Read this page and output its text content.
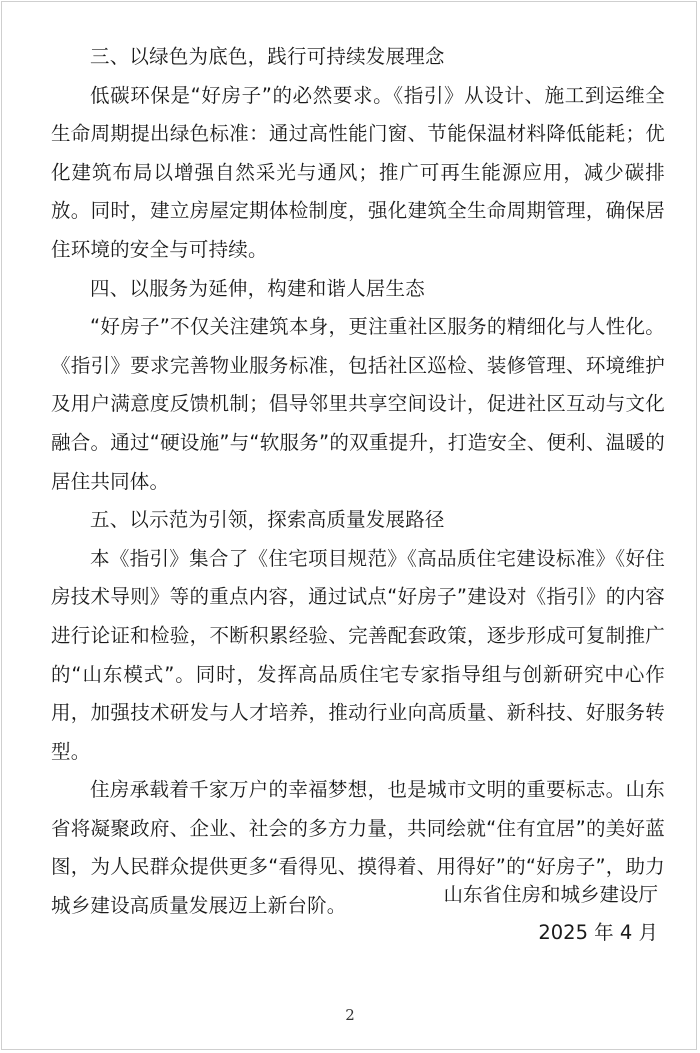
三、以绿色为底色，践行可持续发展理念

低碳环保是“好房子”的必然要求。《指引》从设计、施工到运维全生命周期提出绿色标准：通过高性能门窗、节能保温材料降低能耗；优化建筑布局以增强自然采光与通风；推广可再生能源应用，减少碳排放。同时，建立房屋定期体检制度，强化建筑全生命周期管理，确保居住环境的安全与可持续。

四、以服务为延伸，构建和谐人居生态

“好房子”不仅关注建筑本身，更注重社区服务的精细化与人性化。《指引》要求完善物业服务标准，包括社区巡检、装修管理、环境维护及用户满意度反馈机制；倡导邻里共享空间设计，促进社区互动与文化融合。通过“硬设施”与“软服务”的双重提升，打造安全、便利、温暖的居住共同体。

五、以示范为引领，探索高质量发展路径

本《指引》集合了《住宅项目规范》《高品质住宅建设标准》《好住房技术导则》等的重点内容，通过试点“好房子”建设对《指引》的内容进行论证和检验，不断积累经验、完善配套政策，逐步形成可复制推广的“山东模式”。同时，发挥高品质住宅专家指导组与创新研究中心作用，加强技术研发与人才培养，推动行业向高质量、新科技、好服务转型。

住房承载着千家万户的幸福梦想，也是城市文明的重要标志。山东省将凝聚政府、企业、社会的多方力量，共同绘就“住有宜居”的美好蓝图，为人民群众提供更多“看得见、摸得着、用得好”的“好房子”，助力城乡建设高质量发展迈上新台阶。	山东省住房和城乡建设厅
2025 年 4 月
2
